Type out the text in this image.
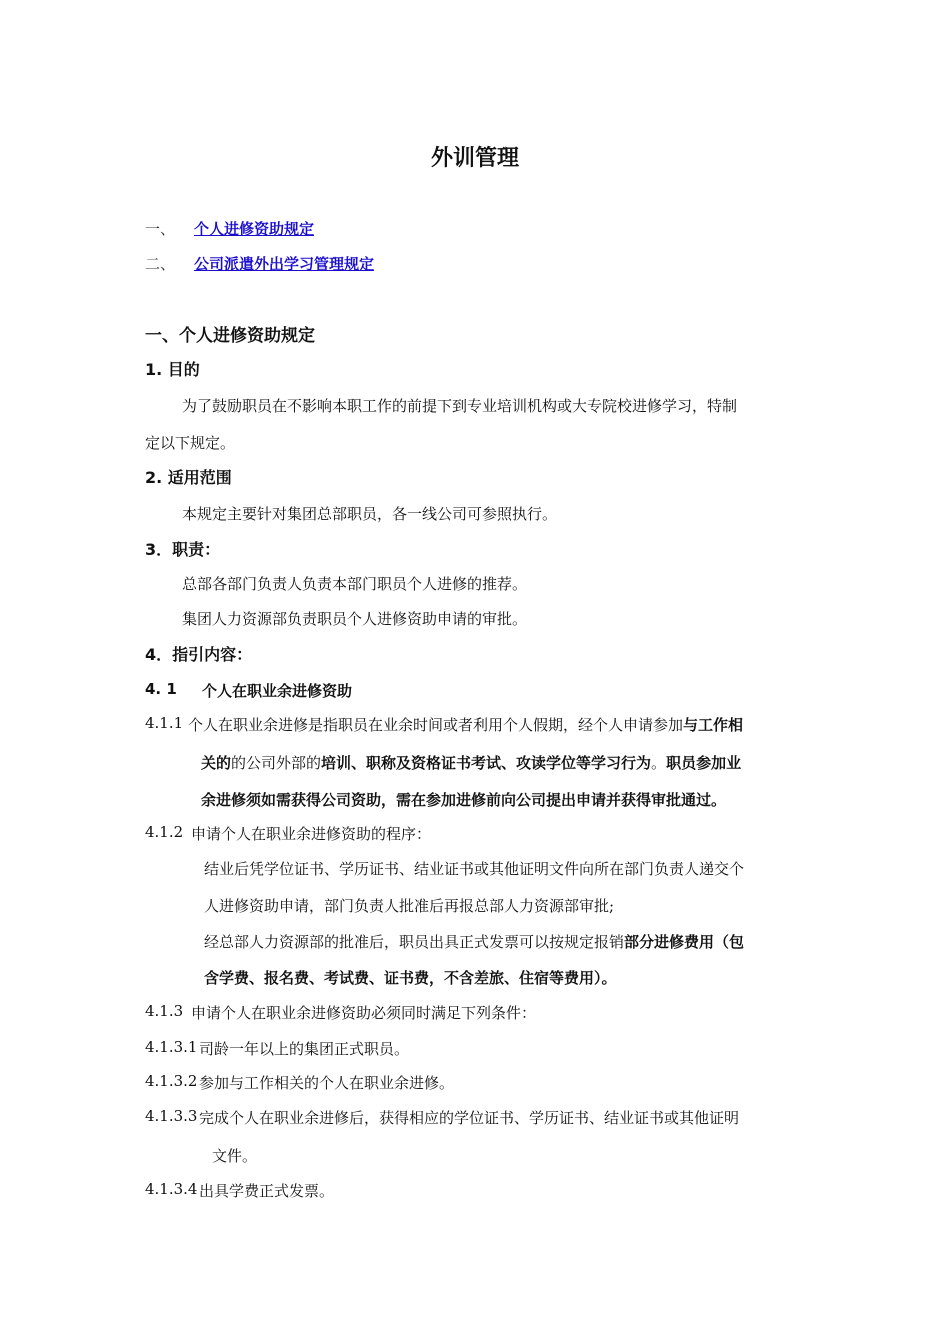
外训管理
一、 个人进修资助规定
二、 公司派遣外出学习管理规定
一、个人进修资助规定
1. 目的
为了鼓励职员在不影响本职工作的前提下到专业培训机构或大专院校进修学习，特制
定以下规定。
2. 适用范围
本规定主要针对集团总部职员，各一线公司可参照执行。
3．职责：
总部各部门负责人负责本部门职员个人进修的推荐。
集团人力资源部负责职员个人进修资助申请的审批。
4．指引内容：
4. 1 个人在职业余进修资助
4.1.1 个人在职业余进修是指职员在业余时间或者利用个人假期，经个人申请参加与工作相
关的的公司外部的培训、职称及资格证书考试、攻读学位等学习行为。职员参加业
余进修须如需获得公司资助，需在参加进修前向公司提出申请并获得审批通过。
4.1.2 申请个人在职业余进修资助的程序：
结业后凭学位证书、学历证书、结业证书或其他证明文件向所在部门负责人递交个
人进修资助申请，部门负责人批准后再报总部人力资源部审批;
经总部人力资源部的批准后，职员出具正式发票可以按规定报销部分进修费用（包
含学费、报名费、考试费、证书费，不含差旅、住宿等费用）。
4.1.3 申请个人在职业余进修资助必须同时满足下列条件：
4.1.3.1 司龄一年以上的集团正式职员。
4.1.3.2 参加与工作相关的个人在职业余进修。
4.1.3.3 完成个人在职业余进修后，获得相应的学位证书、学历证书、结业证书或其他证明
文件。
4.1.3.4 出具学费正式发票。
